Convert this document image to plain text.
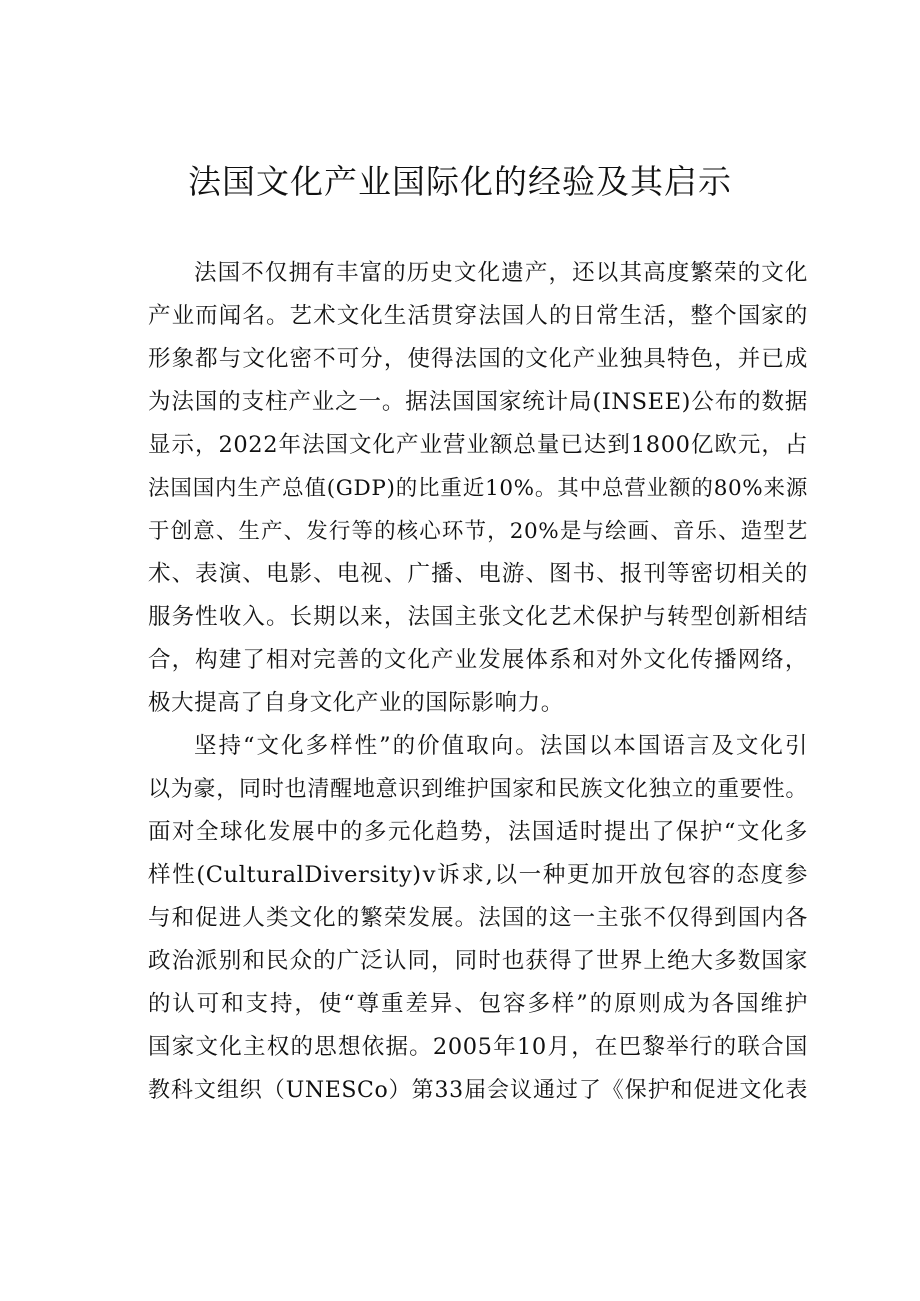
法国文化产业国际化的经验及其启示
法国不仅拥有丰富的历史文化遗产，还以其高度繁荣的文化
产业而闻名。艺术文化生活贯穿法国人的日常生活，整个国家的
形象都与文化密不可分，使得法国的文化产业独具特色，并已成
为法国的支柱产业之一。据法国国家统计局(INSEE)公布的数据
显示，2022年法国文化产业营业额总量已达到1800亿欧元，占
法国国内生产总值(GDP)的比重近10%。其中总营业额的80%来源
于创意、生产、发行等的核心环节，20%是与绘画、音乐、造型艺
术、表演、电影、电视、广播、电游、图书、报刊等密切相关的
服务性收入。长期以来，法国主张文化艺术保护与转型创新相结
合，构建了相对完善的文化产业发展体系和对外文化传播网络，
极大提高了自身文化产业的国际影响力。
坚持“文化多样性”的价值取向。法国以本国语言及文化引
以为豪，同时也清醒地意识到维护国家和民族文化独立的重要性。
面对全球化发展中的多元化趋势，法国适时提出了保护“文化多
样性(CulturalDiversity)ⅴ诉求,以一种更加开放包容的态度参
与和促进人类文化的繁荣发展。法国的这一主张不仅得到国内各
政治派别和民众的广泛认同，同时也获得了世界上绝大多数国家
的认可和支持，使“尊重差异、包容多样”的原则成为各国维护
国家文化主权的思想依据。2005年10月，在巴黎举行的联合国
教科文组织（UNESCo）第33届会议通过了《保护和促进文化表
